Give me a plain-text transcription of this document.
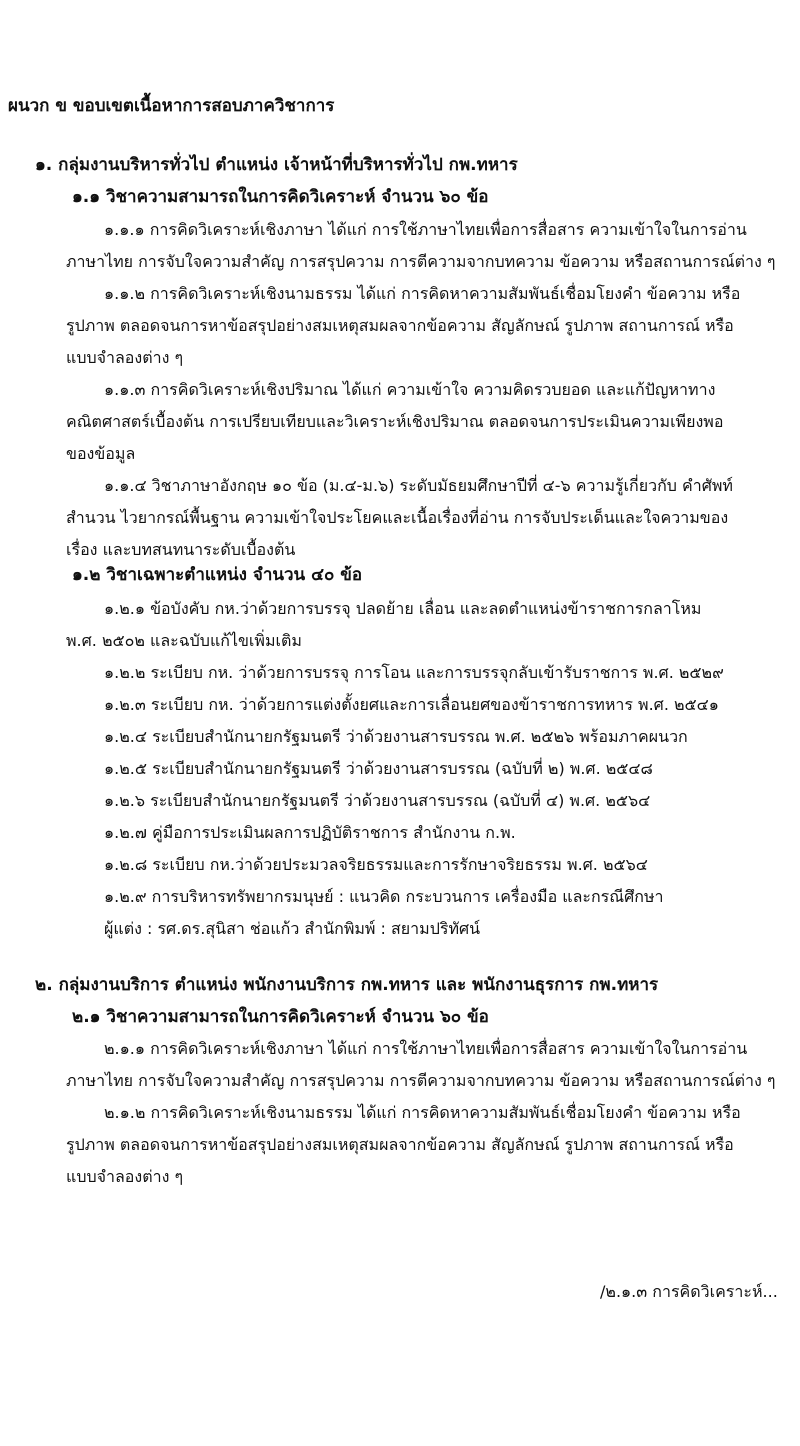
ผนวก ข ขอบเขตเนื้อหาการสอบภาควิชาการ
๑. กลุ่มงานบริหารทั่วไป ตำแหน่ง เจ้าหน้าที่บริหารทั่วไป กพ.ทหาร
๑.๑ วิชาความสามารถในการคิดวิเคราะห์ จำนวน ๖๐ ข้อ
๑.๑.๑ การคิดวิเคราะห์เชิงภาษา ได้แก่ การใช้ภาษาไทยเพื่อการสื่อสาร ความเข้าใจในการอ่าน
ภาษาไทย การจับใจความสำคัญ การสรุปความ การตีความจากบทความ ข้อความ หรือสถานการณ์ต่าง ๆ
๑.๑.๒ การคิดวิเคราะห์เชิงนามธรรม ได้แก่ การคิดหาความสัมพันธ์เชื่อมโยงคำ ข้อความ หรือ
รูปภาพ ตลอดจนการหาข้อสรุปอย่างสมเหตุสมผลจากข้อความ สัญลักษณ์ รูปภาพ สถานการณ์ หรือ
แบบจำลองต่าง ๆ
๑.๑.๓ การคิดวิเคราะห์เชิงปริมาณ ได้แก่ ความเข้าใจ ความคิดรวบยอด และแก้ปัญหาทาง
คณิตศาสตร์เบื้องต้น การเปรียบเทียบและวิเคราะห์เชิงปริมาณ ตลอดจนการประเมินความเพียงพอ
ของข้อมูล
๑.๑.๔ วิชาภาษาอังกฤษ ๑๐ ข้อ (ม.๔-ม.๖) ระดับมัธยมศึกษาปีที่ ๔-๖ ความรู้เกี่ยวกับ คำศัพท์
สำนวน ไวยากรณ์พื้นฐาน ความเข้าใจประโยคและเนื้อเรื่องที่อ่าน การจับประเด็นและใจความของ
เรื่อง และบทสนทนาระดับเบื้องต้น
๑.๒ วิชาเฉพาะตำแหน่ง จำนวน ๔๐ ข้อ
๑.๒.๑ ข้อบังคับ กห.ว่าด้วยการบรรจุ ปลดย้าย เลื่อน และลดตำแหน่งข้าราชการกลาโหม
พ.ศ. ๒๕๐๒ และฉบับแก้ไขเพิ่มเติม
๑.๒.๒ ระเบียบ กห. ว่าด้วยการบรรจุ การโอน และการบรรจุกลับเข้ารับราชการ พ.ศ. ๒๕๒๙
๑.๒.๓ ระเบียบ กห. ว่าด้วยการแต่งตั้งยศและการเลื่อนยศของข้าราชการทหาร พ.ศ. ๒๕๔๑
๑.๒.๔ ระเบียบสำนักนายกรัฐมนตรี ว่าด้วยงานสารบรรณ พ.ศ. ๒๕๒๖ พร้อมภาคผนวก
๑.๒.๕ ระเบียบสำนักนายกรัฐมนตรี ว่าด้วยงานสารบรรณ (ฉบับที่ ๒) พ.ศ. ๒๕๔๘
๑.๒.๖ ระเบียบสำนักนายกรัฐมนตรี ว่าด้วยงานสารบรรณ (ฉบับที่ ๔) พ.ศ. ๒๕๖๔
๑.๒.๗ คู่มือการประเมินผลการปฏิบัติราชการ สำนักงาน ก.พ.
๑.๒.๘ ระเบียบ กห.ว่าด้วยประมวลจริยธรรมและการรักษาจริยธรรม พ.ศ. ๒๕๖๔
๑.๒.๙ การบริหารทรัพยากรมนุษย์ : แนวคิด กระบวนการ เครื่องมือ และกรณีศึกษา
ผู้แต่ง : รศ.ดร.สุนิสา ช่อแก้ว สำนักพิมพ์ : สยามปริทัศน์
๒. กลุ่มงานบริการ ตำแหน่ง พนักงานบริการ กพ.ทหาร และ พนักงานธุรการ กพ.ทหาร
๒.๑ วิชาความสามารถในการคิดวิเคราะห์ จำนวน ๖๐ ข้อ
๒.๑.๑ การคิดวิเคราะห์เชิงภาษา ได้แก่ การใช้ภาษาไทยเพื่อการสื่อสาร ความเข้าใจในการอ่าน
ภาษาไทย การจับใจความสำคัญ การสรุปความ การตีความจากบทความ ข้อความ หรือสถานการณ์ต่าง ๆ
๒.๑.๒ การคิดวิเคราะห์เชิงนามธรรม ได้แก่ การคิดหาความสัมพันธ์เชื่อมโยงคำ ข้อความ หรือ
รูปภาพ ตลอดจนการหาข้อสรุปอย่างสมเหตุสมผลจากข้อความ สัญลักษณ์ รูปภาพ สถานการณ์ หรือ
แบบจำลองต่าง ๆ
/๒.๑.๓ การคิดวิเคราะห์...
